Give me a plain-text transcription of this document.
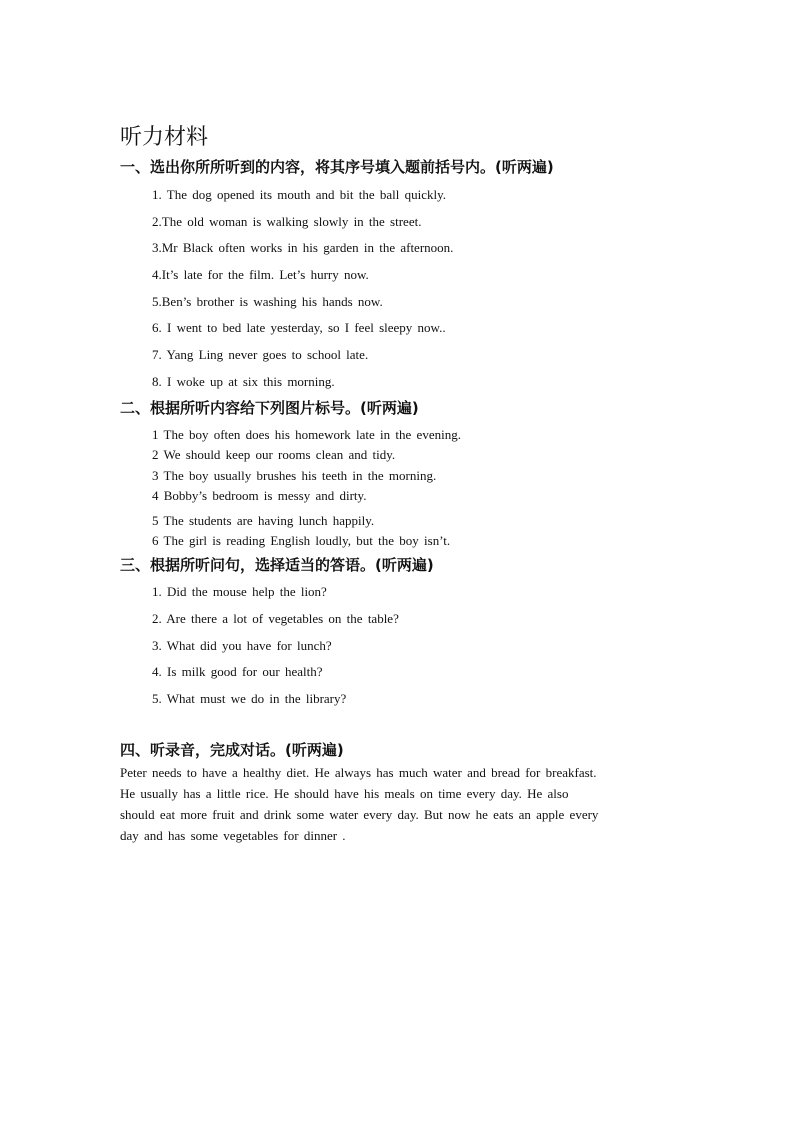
听力材料
一、选出你所所听到的内容，将其序号填入题前括号内。(听两遍)
1. The dog opened its mouth and bit the ball quickly.
2.The old woman is walking slowly in the street.
3.Mr Black often works in his garden in the afternoon.
4.It’s late for the film. Let’s hurry now.
5.Ben’s brother is washing his hands now.
6. I went to bed late yesterday, so I feel sleepy now..
7. Yang Ling never goes to school late.
8. I woke up at six this morning.
二、根据所听内容给下列图片标号。(听两遍)
1 The boy often does his homework late in the evening.
2 We should keep our rooms clean and tidy.
3 The boy usually brushes his teeth in the morning.
4 Bobby’s bedroom is messy and dirty.
5 The students are having lunch happily.
6 The girl is reading English loudly, but the boy isn’t.
三、根据所听问句，选择适当的答语。(听两遍)
1. Did the mouse help the lion?
2. Are there a lot of vegetables on the table?
3. What did you have for lunch?
4. Is milk good for our health?
5. What must we do in the library?
四、听录音，完成对话。(听两遍)
Peter needs to have a healthy diet. He always has much water and bread for breakfast.
He usually has a little rice. He should have his meals on time every day. He also
should eat more fruit and drink some water every day. But now he eats an apple every
day and has some vegetables for dinner .
